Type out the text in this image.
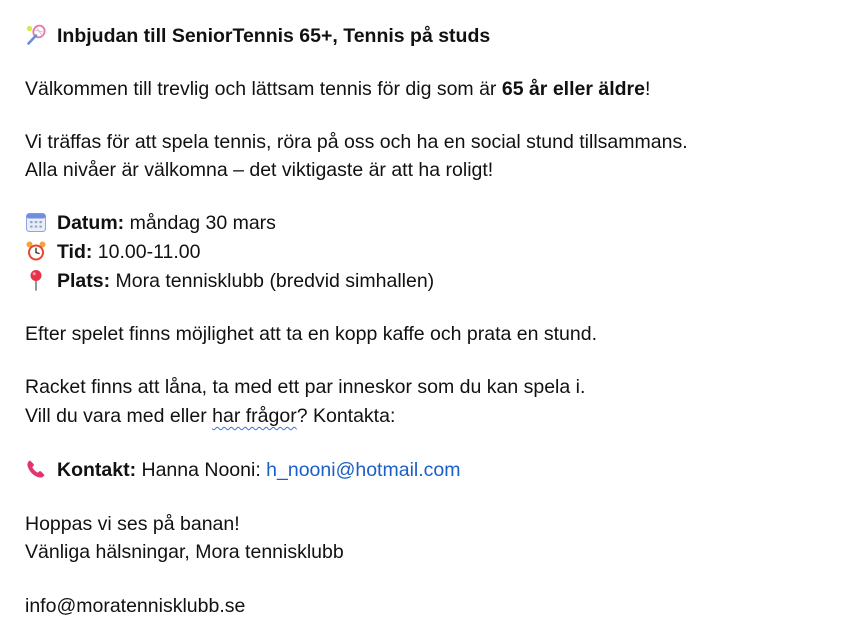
Inbjudan till SeniorTennis 65+, Tennis på studs
Välkommen till trevlig och lättsam tennis för dig som är 65 år eller äldre!
Vi träffas för att spela tennis, röra på oss och ha en social stund tillsammans.
Alla nivåer är välkomna – det viktigaste är att ha roligt!
Datum: måndag 30 mars
Tid: 10.00-11.00
Plats: Mora tennisklubb (bredvid simhallen)
Efter spelet finns möjlighet att ta en kopp kaffe och prata en stund.
Racket finns att låna, ta med ett par inneskor som du kan spela i.
Vill du vara med eller har frågor? Kontakta:
Kontakt: Hanna Nooni: h_nooni@hotmail.com
Hoppas vi ses på banan!
Vänliga hälsningar, Mora tennisklubb
info@moratennisklubb.se
